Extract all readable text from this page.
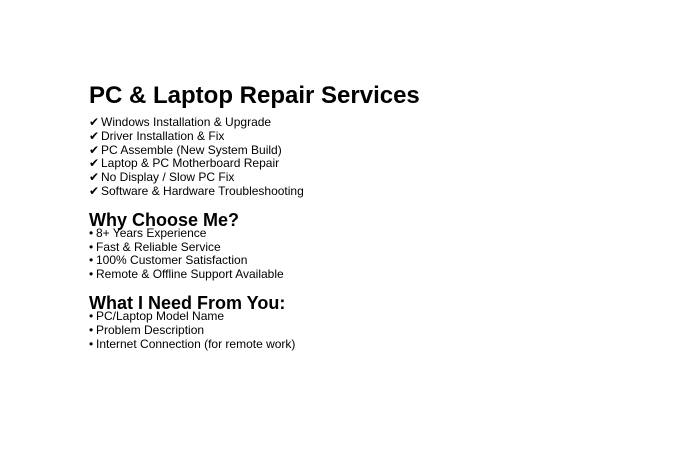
PC & Laptop Repair Services
✔ Windows Installation & Upgrade
✔ Driver Installation & Fix
✔ PC Assemble (New System Build)
✔ Laptop & PC Motherboard Repair
✔ No Display / Slow PC Fix
✔ Software & Hardware Troubleshooting
Why Choose Me?
• 8+ Years Experience
• Fast & Reliable Service
• 100% Customer Satisfaction
• Remote & Offline Support Available
What I Need From You:
• PC/Laptop Model Name
• Problem Description
• Internet Connection (for remote work)
